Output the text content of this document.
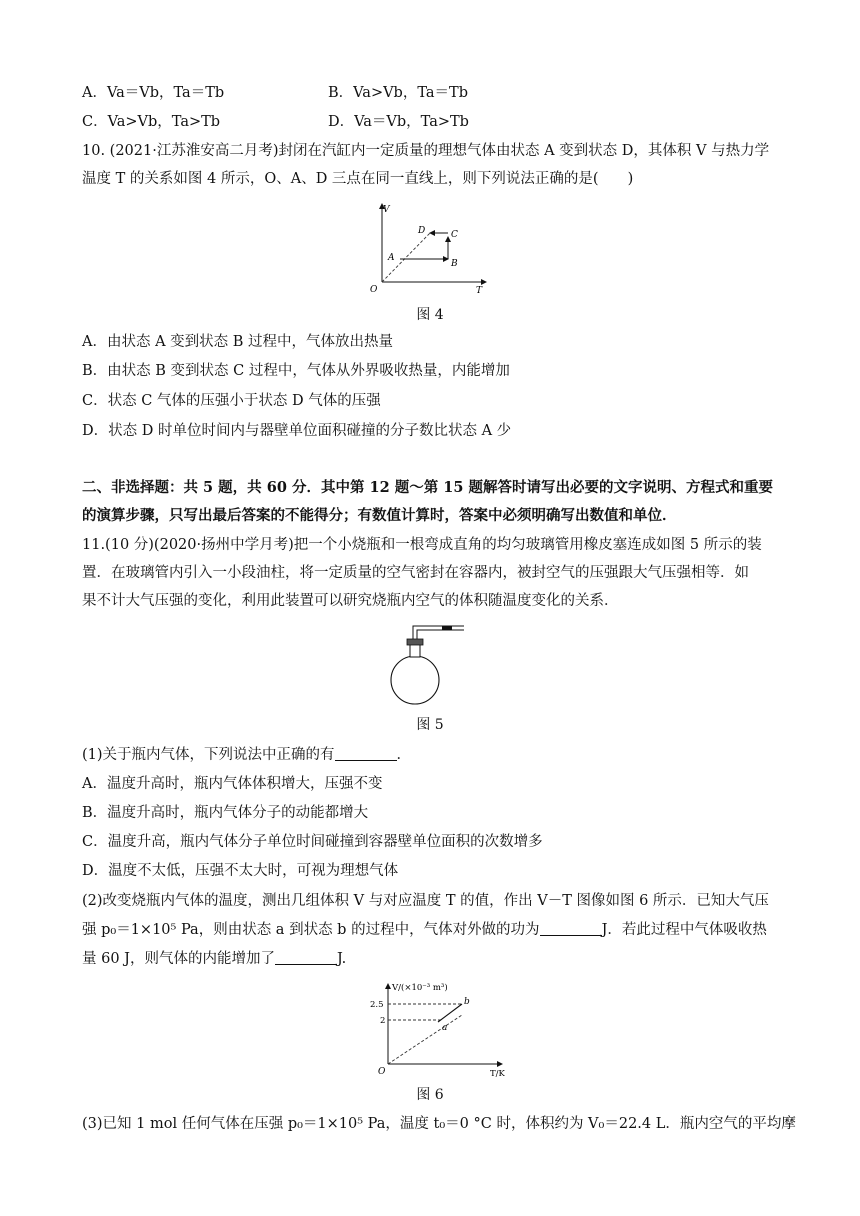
A．Va＝Vb，Ta＝Tb	B．Va>Vb，Ta＝Tb
C．Va>Vb，Ta>Tb	D．Va＝Vb，Ta>Tb
10. (2021·江苏淮安高二月考)封闭在汽缸内一定质量的理想气体由状态 A 变到状态 D，其体积 V 与热力学
温度 T 的关系如图 4 所示，O、A、D 三点在同一直线上，则下列说法正确的是(　　)
V
T
O
A
B
C
D
图 4
A．由状态 A 变到状态 B 过程中，气体放出热量
B．由状态 B 变到状态 C 过程中，气体从外界吸收热量，内能增加
C．状态 C 气体的压强小于状态 D 气体的压强
D．状态 D 时单位时间内与器壁单位面积碰撞的分子数比状态 A 少
二、非选择题：共 5 题，共 60 分．其中第 12 题～第 15 题解答时请写出必要的文字说明、方程式和重要
的演算步骤，只写出最后答案的不能得分；有数值计算时，答案中必须明确写出数值和单位．
11.(10 分)(2020·扬州中学月考)把一个小烧瓶和一根弯成直角的均匀玻璃管用橡皮塞连成如图 5 所示的装
置．在玻璃管内引入一小段油柱，将一定质量的空气密封在容器内，被封空气的压强跟大气压强相等．如
果不计大气压强的变化，利用此装置可以研究烧瓶内空气的体积随温度变化的关系．
图 5
(1)关于瓶内气体，下列说法中正确的有	．
A．温度升高时，瓶内气体体积增大，压强不变
B．温度升高时，瓶内气体分子的动能都增大
C．温度升高，瓶内气体分子单位时间碰撞到容器壁单位面积的次数增多
D．温度不太低，压强不太大时，可视为理想气体
(2)改变烧瓶内气体的温度，测出几组体积 V 与对应温度 T 的值，作出 V－T 图像如图 6 所示．已知大气压
强 p₀＝1×10⁵ Pa，则由状态 a 到状态 b 的过程中，气体对外做的功为	J．若此过程中气体吸收热
量 60 J，则气体的内能增加了	J.
V/(×10⁻³ m³)
T/K
2.5
2
O
a
b
图 6
(3)已知 1 mol 任何气体在压强 p₀＝1×10⁵ Pa，温度 t₀＝0 °C 时，体积约为 V₀＝22.4 L．瓶内空气的平均摩
